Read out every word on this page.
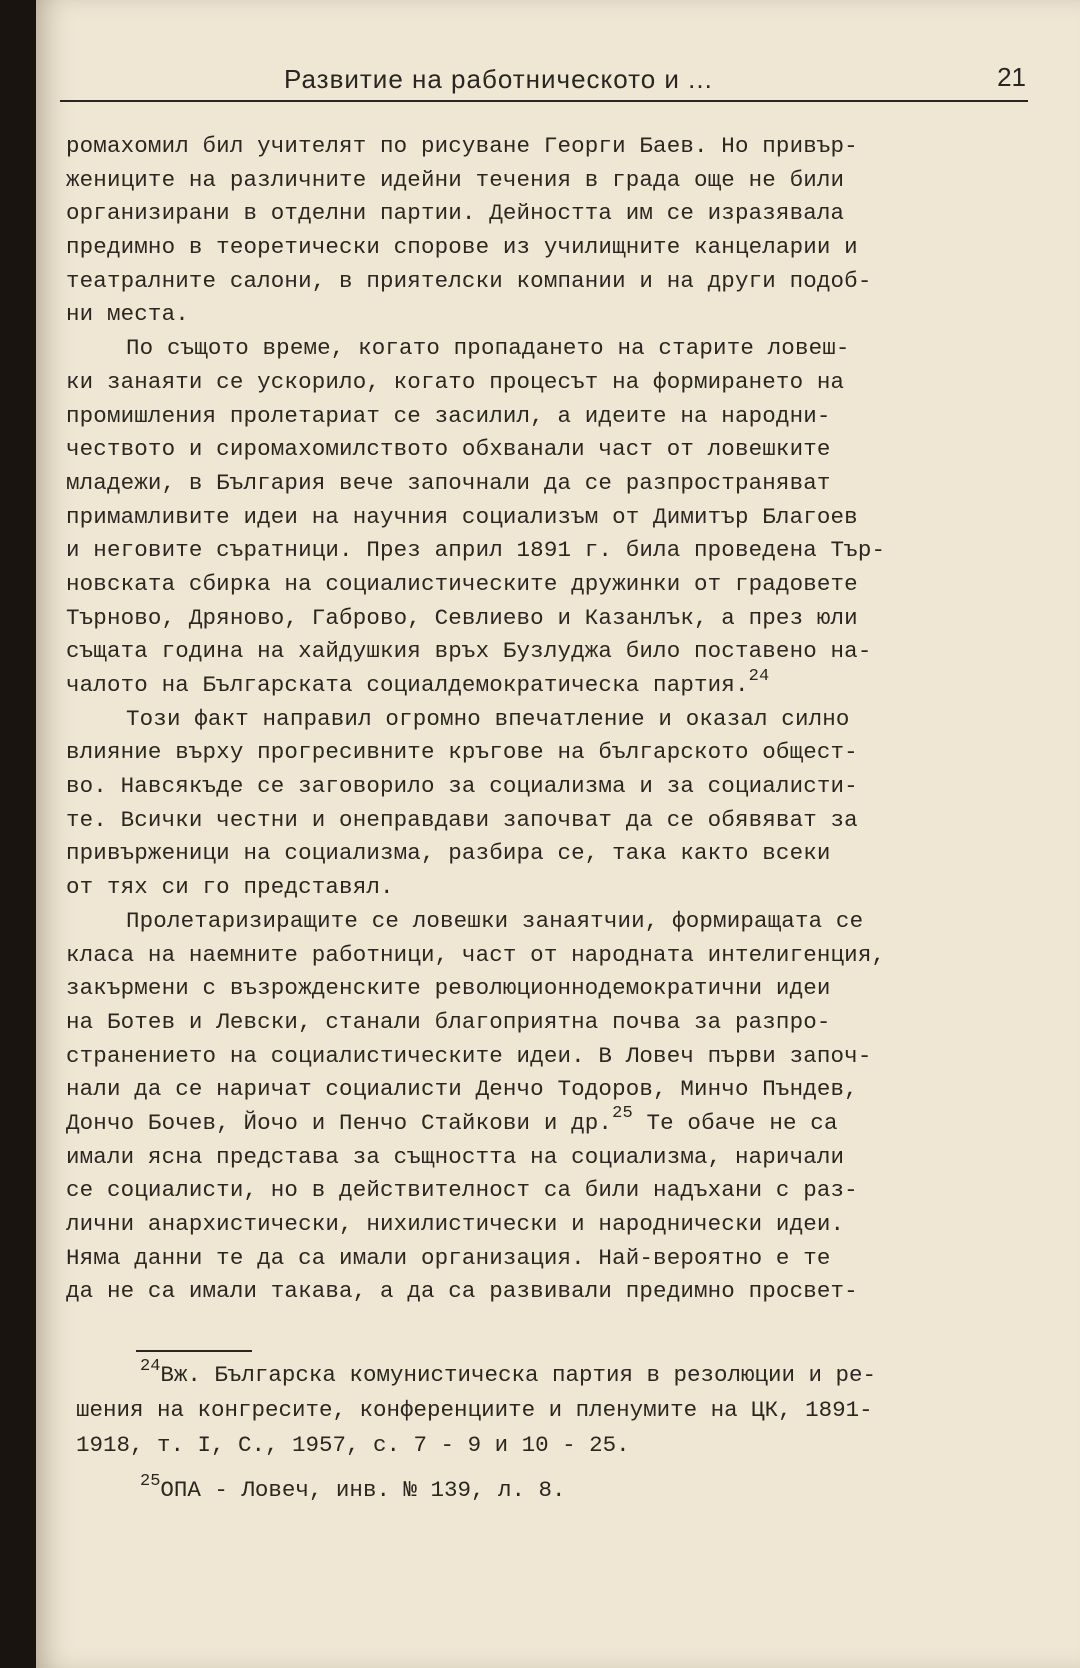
Развитие на работническото и ...	21
ромахомил бил учителят по рисуване Георги Баев. Но привър-
жениците на различните идейни течения в града още не били
организирани в отделни партии. Дейността им се изразявала
предимно в теоретически спорове из училищните канцеларии и
театралните салони, в приятелски компании и на други подоб-
ни места.
По същото време, когато пропадането на старите ловеш-
ки занаяти се ускорило, когато процесът на формирането на
промишления пролетариат се засилил, а идеите на народни-
чеството и сиромахомилството обхванали част от ловешките
младежи, в България вече започнали да се разпространяват
примамливите идеи на научния социализъм от Димитър Благоев
и неговите съратници. През април 1891 г. била проведена Тър-
новската сбирка на социалистическите дружинки от градовете
Търново, Дряново, Габрово, Севлиево и Казанлък, а през юли
същата година на хайдушкия връх Бузлуджа било поставено на-
чалото на Българската социалдемократическа партия.$^{24}$
Този факт направил огромно впечатление и оказал силно
влияние върху прогресивните кръгове на българското общест-
во. Навсякъде се заговорило за социализма и за социалисти-
те. Всички честни и онеправдави започват да се обявяват за
привърженици на социализма, разбира се, така както всеки
от тях си го представял.
Пролетаризиращите се ловешки занаятчии, формиращата се
класа на наемните работници, част от народната интелигенция,
закърмени с възрожденските революционнодемократични идеи
на Ботев и Левски, станали благоприятна почва за разпро-
странението на социалистическите идеи. В Ловеч първи започ-
нали да се наричат социалисти Денчо Тодоров, Минчо Пъндев,
Дончо Бочев, Йочо и Пенчо Стайкови и др.$^{25}$ Те обаче не са
имали ясна представа за същността на социализма, наричали
се социалисти, но в действителност са били надъхани с раз-
лични анархистически, нихилистически и народнически идеи.
Няма данни те да са имали организация. Най-вероятно е те
да не са имали такава, а да са развивали предимно просвет-
$^{24}$Вж. Българска комунистическа партия в резолюции и ре-
шения на конгресите, конференциите и пленумите на ЦК, 1891-
1918, т. I, С., 1957, с. 7 - 9 и 10 - 25.
$^{25}$ОПА - Ловеч, инв. № 139, л. 8.
